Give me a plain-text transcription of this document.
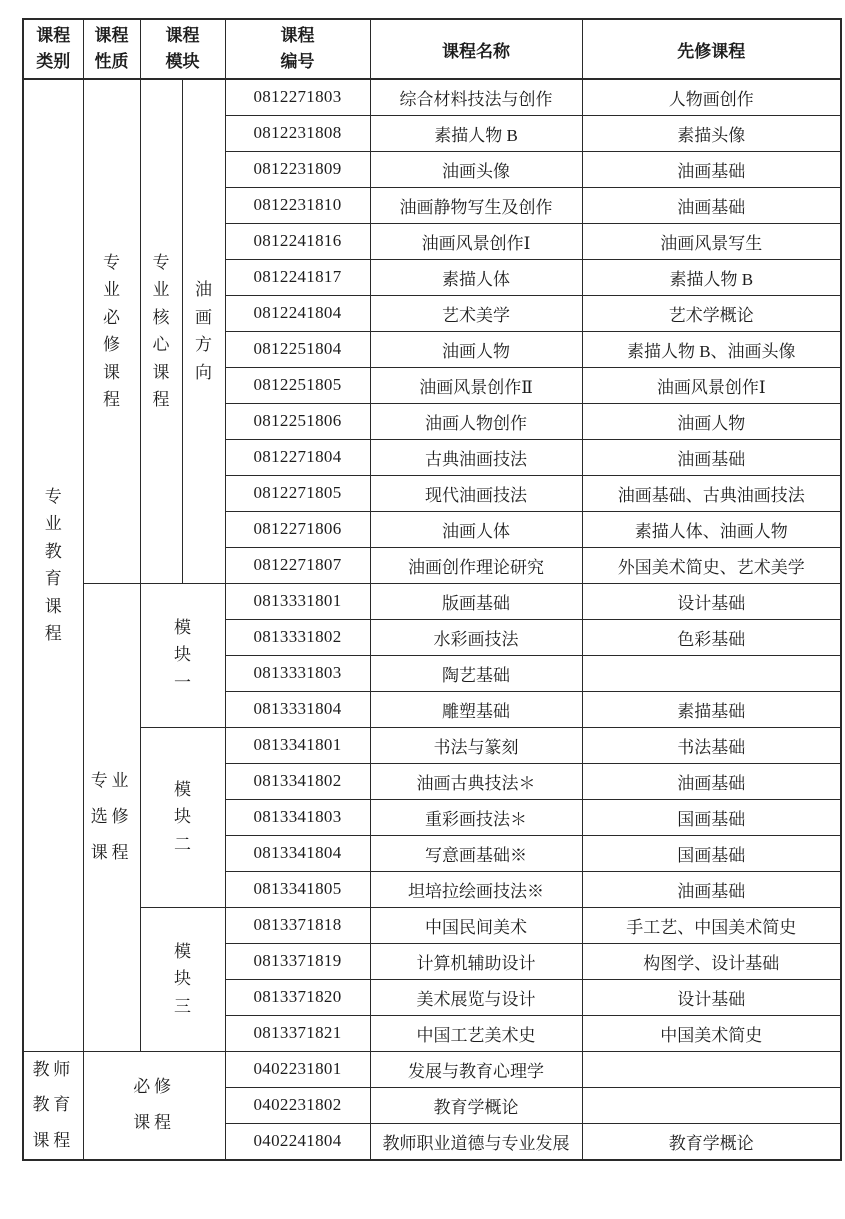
课程类别	课程性质	课程模块		课程编号	课程名称	先修课程
专业教育课程	专业必修课程	专业核心课程	油画方向	0812271803	综合材料技法与创作	人物画创作
				0812231808	素描人物 B	素描头像
				0812231809	油画头像	油画基础
				0812231810	油画静物写生及创作	油画基础
				0812241816	油画风景创作Ⅰ	油画风景写生
				0812241817	素描人体	素描人物 B
				0812241804	艺术美学	艺术学概论
				0812251804	油画人物	素描人物 B、油画头像
				0812251805	油画风景创作Ⅱ	油画风景创作Ⅰ
				0812251806	油画人物创作	油画人物
				0812271804	古典油画技法	油画基础
				0812271805	现代油画技法	油画基础、古典油画技法
				0812271806	油画人体	素描人体、油画人物
				0812271807	油画创作理论研究	外国美术简史、艺术美学
	专业选修课程	模块一		0813331801	版画基础	设计基础
				0813331802	水彩画技法	色彩基础
				0813331803	陶艺基础	
				0813331804	雕塑基础	素描基础
		模块二		0813341801	书法与篆刻	书法基础
				0813341802	油画古典技法＊	油画基础
				0813341803	重彩画技法＊	国画基础
				0813341804	写意画基础※	国画基础
				0813341805	坦培拉绘画技法※	油画基础
		模块三		0813371818	中国民间美术	手工艺、中国美术简史
				0813371819	计算机辅助设计	构图学、设计基础
				0813371820	美术展览与设计	设计基础
				0813371821	中国工艺美术史	中国美术简史
教师教育课程	必修课程			0402231801	发展与教育心理学	
				0402231802	教育学概论	
				0402241804	教师职业道德与专业发展	教育学概论
